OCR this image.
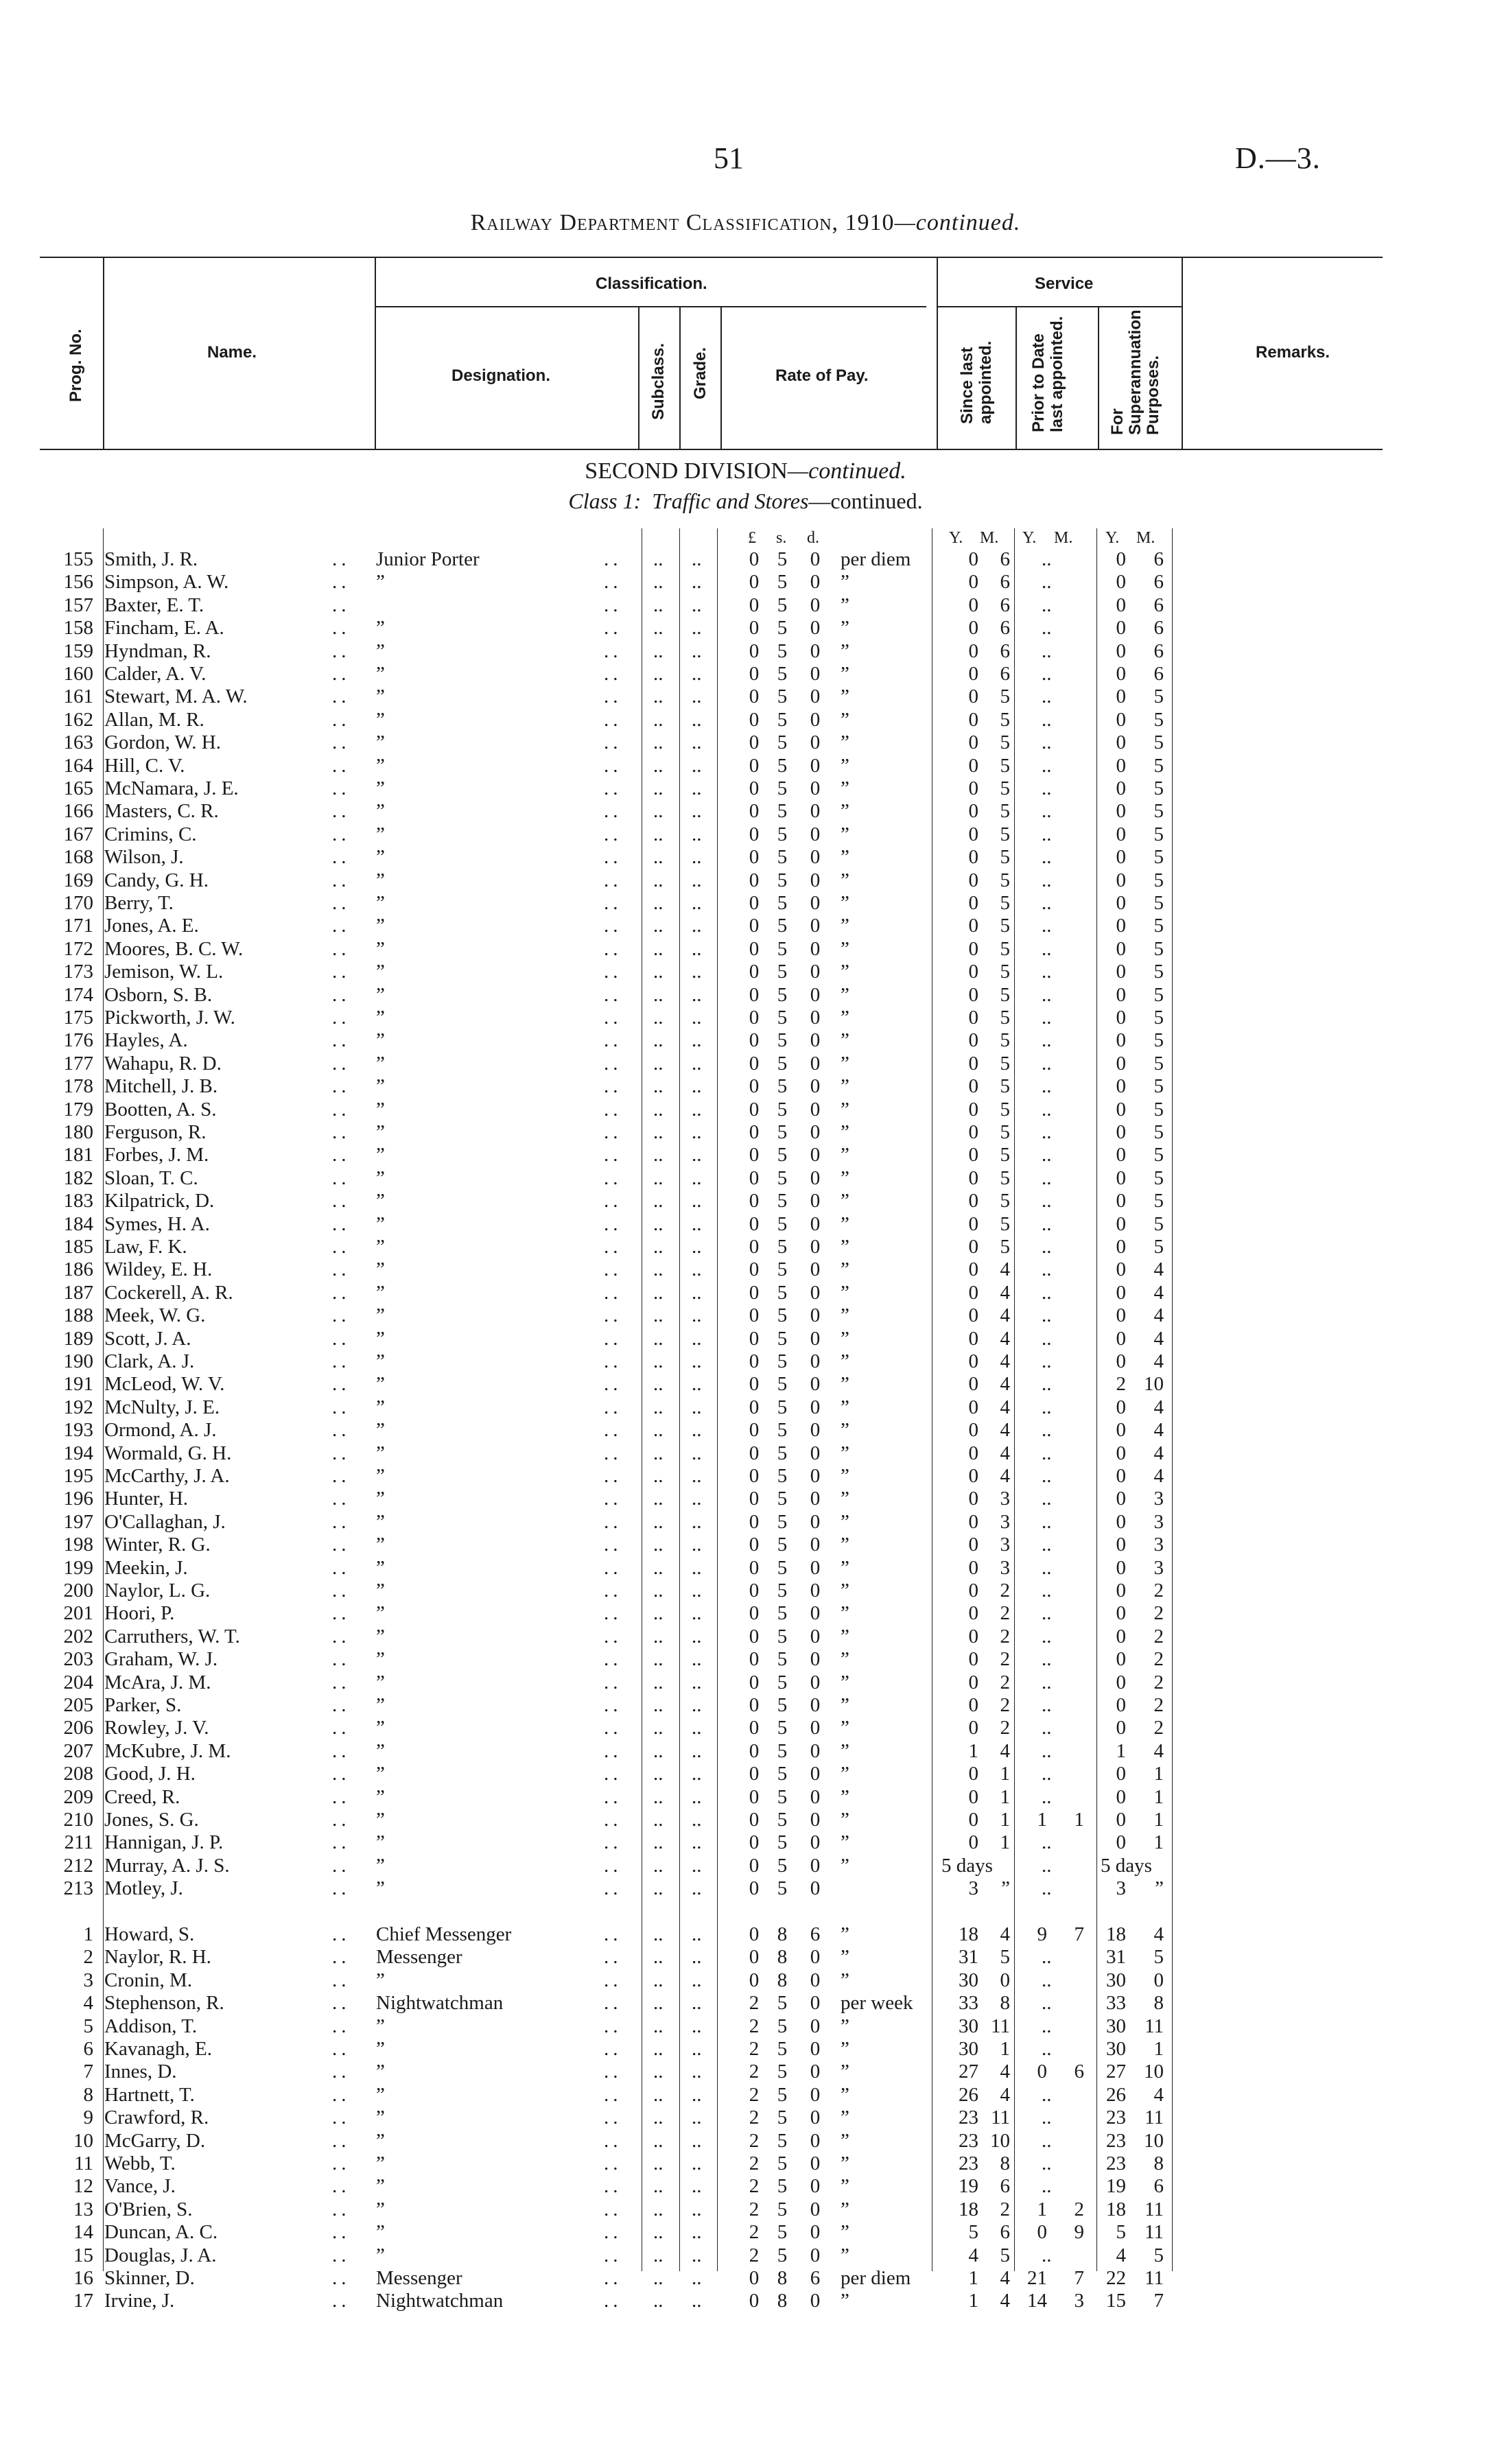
51	D.—3.
Railway Department Classification, 1910—continued.
Prog. No.	Name.
Classification.
Designation.	Subclass. Grade.	Rate of Pay.
Service
Since last appointed. Prior to Date last appointed.	For Superannuation Purposes.
Remarks.
SECOND DIVISION—continued.
Class 1: Traffic and Stores—continued.
£ s. d.	Y. M. Y. M. Y. M.
155 Smith, J. R.	.. Junior Porter	.. .. .. 0 5 0 per diem	0	6 ..	0	6
156 Simpson, A. W.	.. ”	.. .. .. 0 5 0 ”	0	6 ..	0	6
157 Baxter, E. T.	..	.. .. .. 0 5 0 ”	0	6 ..	0	6
158 Fincham, E. A.	.. ”	.. .. .. 0 5 0 ”	0	6 ..	0	6
159 Hyndman, R.	.. ”	.. .. .. 0 5 0 ”	0	6 ..	0	6
160 Calder, A. V.	.. ”	.. .. .. 0 5 0 ”	0	6 ..	0	6
161 Stewart, M. A. W.	.. ”	.. .. .. 0 5 0 ”	0	5 ..	0	5
162 Allan, M. R.	.. ”	.. .. .. 0 5 0 ”	0	5 ..	0	5
163 Gordon, W. H.	.. ”	.. .. .. 0 5 0 ”	0	5 ..	0	5
164 Hill, C. V.	.. ”	.. .. .. 0 5 0 ”	0	5 ..	0	5
165 McNamara, J. E.	.. ”	.. .. .. 0 5 0 ”	0	5 ..	0	5
166 Masters, C. R.	.. ”	.. .. .. 0 5 0 ”	0	5 ..	0	5
167 Crimins, C.	.. ”	.. .. .. 0 5 0 ”	0	5 ..	0	5
168 Wilson, J.	.. ”	.. .. .. 0 5 0 ”	0	5 ..	0	5
169 Candy, G. H.	.. ”	.. .. .. 0 5 0 ”	0	5 ..	0	5
170 Berry, T.	.. ”	.. .. .. 0 5 0 ”	0	5 ..	0	5
171 Jones, A. E.	.. ”	.. .. .. 0 5 0 ”	0	5 ..	0	5
172 Moores, B. C. W.	.. ”	.. .. .. 0 5 0 ”	0	5 ..	0	5
173 Jemison, W. L.	.. ”	.. .. .. 0 5 0 ”	0	5 ..	0	5
174 Osborn, S. B.	.. ”	.. .. .. 0 5 0 ”	0	5 ..	0	5
175 Pickworth, J. W.	.. ”	.. .. .. 0 5 0 ”	0	5 ..	0	5
176 Hayles, A.	.. ”	.. .. .. 0 5 0 ”	0	5 ..	0	5
177 Wahapu, R. D.	.. ”	.. .. .. 0 5 0 ”	0	5 ..	0	5
178 Mitchell, J. B.	.. ”	.. .. .. 0 5 0 ”	0	5 ..	0	5
179 Bootten, A. S.	.. ”	.. .. .. 0 5 0 ”	0	5 ..	0	5
180 Ferguson, R.	.. ”	.. .. .. 0 5 0 ”	0	5 ..	0	5
181 Forbes, J. M.	.. ”	.. .. .. 0 5 0 ”	0	5 ..	0	5
182 Sloan, T. C.	.. ”	.. .. .. 0 5 0 ”	0	5 ..	0	5
183 Kilpatrick, D.	.. ”	.. .. .. 0 5 0 ”	0	5 ..	0	5
184 Symes, H. A.	.. ”	.. .. .. 0 5 0 ”	0	5 ..	0	5
185 Law, F. K.	.. ”	.. .. .. 0 5 0 ”	0	5 ..	0	5
186 Wildey, E. H.	.. ”	.. .. .. 0 5 0 ”	0	4 ..	0	4
187 Cockerell, A. R.	.. ”	.. .. .. 0 5 0 ”	0	4 ..	0	4
188 Meek, W. G.	.. ”	.. .. .. 0 5 0 ”	0	4 ..	0	4
189 Scott, J. A.	.. ”	.. .. .. 0 5 0 ”	0	4 ..	0	4
190 Clark, A. J.	.. ”	.. .. .. 0 5 0 ”	0	4 ..	0	4
191 McLeod, W. V.	.. ”	.. .. .. 0 5 0 ”	0	4 ..	2 10
192 McNulty, J. E.	.. ”	.. .. .. 0 5 0 ”	0	4 ..	0	4
193 Ormond, A. J.	.. ”	.. .. .. 0 5 0 ”	0	4 ..	0	4
194 Wormald, G. H.	.. ”	.. .. .. 0 5 0 ”	0	4 ..	0	4
195 McCarthy, J. A.	.. ”	.. .. .. 0 5 0 ”	0	4 ..	0	4
196 Hunter, H.	.. ”	.. .. .. 0 5 0 ”	0	3 ..	0	3
197 O'Callaghan, J.	.. ”	.. .. .. 0 5 0 ”	0	3 ..	0	3
198 Winter, R. G.	.. ”	.. .. .. 0 5 0 ”	0	3 ..	0	3
199 Meekin, J.	.. ”	.. .. .. 0 5 0 ”	0	3 ..	0	3
200 Naylor, L. G.	.. ”	.. .. .. 0 5 0 ”	0	2 ..	0	2
201 Hoori, P.	.. ”	.. .. .. 0 5 0 ”	0	2 ..	0	2
202 Carruthers, W. T.	.. ”	.. .. .. 0 5 0 ”	0	2 ..	0	2
203 Graham, W. J.	.. ”	.. .. .. 0 5 0 ”	0	2 ..	0	2
204 McAra, J. M.	.. ”	.. .. .. 0 5 0 ”	0	2 ..	0	2
205 Parker, S.	.. ”	.. .. .. 0 5 0 ”	0	2 ..	0	2
206 Rowley, J. V.	.. ”	.. .. .. 0 5 0 ”	0	2 ..	0	2
207 McKubre, J. M.	.. ”	.. .. .. 0 5 0 ”	1	4 ..	1	4
208 Good, J. H.	.. ”	.. .. .. 0 5 0 ”	0	1 ..	0	1
209 Creed, R.	.. ”	.. .. .. 0 5 0 ”	0	1 ..	0	1
210 Jones, S. G.	.. ”	.. .. .. 0 5 0 ”	0	1	1	1	0	1
211 Hannigan, J. P.	.. ”	.. .. .. 0 5 0 ”	0	1 ..	0	1
212 Murray, A. J. S.	.. ”	.. .. .. 0 5 0 ”	5 days	.. 5 days
213 Motley, J.	.. ”	.. .. .. 0 5 0	3	” ..	3	”
1 Howard, S.	.. Chief Messenger	.. .. .. 0 8 6 ”	18	4	9	7	18	4
2 Naylor, R. H.	.. Messenger	.. .. .. 0 8 0 ”	31	5 ..	31	5
3 Cronin, M.	.. ”	.. .. .. 0 8 0 ”	30	0 ..	30	0
4 Stephenson, R.	.. Nightwatchman	.. .. .. 2 5 0 per week	33	8 ..	33	8
5 Addison, T.	.. ”	.. .. .. 2 5 0 ”	30 11 ..	30 11
6 Kavanagh, E.	.. ”	.. .. .. 2 5 0 ”	30	1 ..	30	1
7 Innes, D.	.. ”	.. .. .. 2 5 0 ”	27	4	0	6	27 10
8 Hartnett, T.	.. ”	.. .. .. 2 5 0 ”	26	4 ..	26	4
9 Crawford, R.	.. ”	.. .. .. 2 5 0 ”	23 11 ..	23 11
10 McGarry, D.	.. ”	.. .. .. 2 5 0 ”	23 10 ..	23 10
11 Webb, T.	.. ”	.. .. .. 2 5 0 ”	23	8 ..	23	8
12 Vance, J.	.. ”	.. .. .. 2 5 0 ”	19	6 ..	19	6
13 O'Brien, S.	.. ”	.. .. .. 2 5 0 ”	18	2	1	2	18 11
14 Duncan, A. C.	.. ”	.. .. .. 2 5 0 ”	5	6	0	9	5 11
15 Douglas, J. A.	.. ”	.. .. .. 2 5 0 ”	4	5 ..	4	5
16 Skinner, D.	.. Messenger	.. .. .. 0 8 6 per diem	1	4 21	7	22 11
17 Irvine, J.	.. Nightwatchman	.. .. .. 0 8 0 ”	1	4 14	3	15	7
